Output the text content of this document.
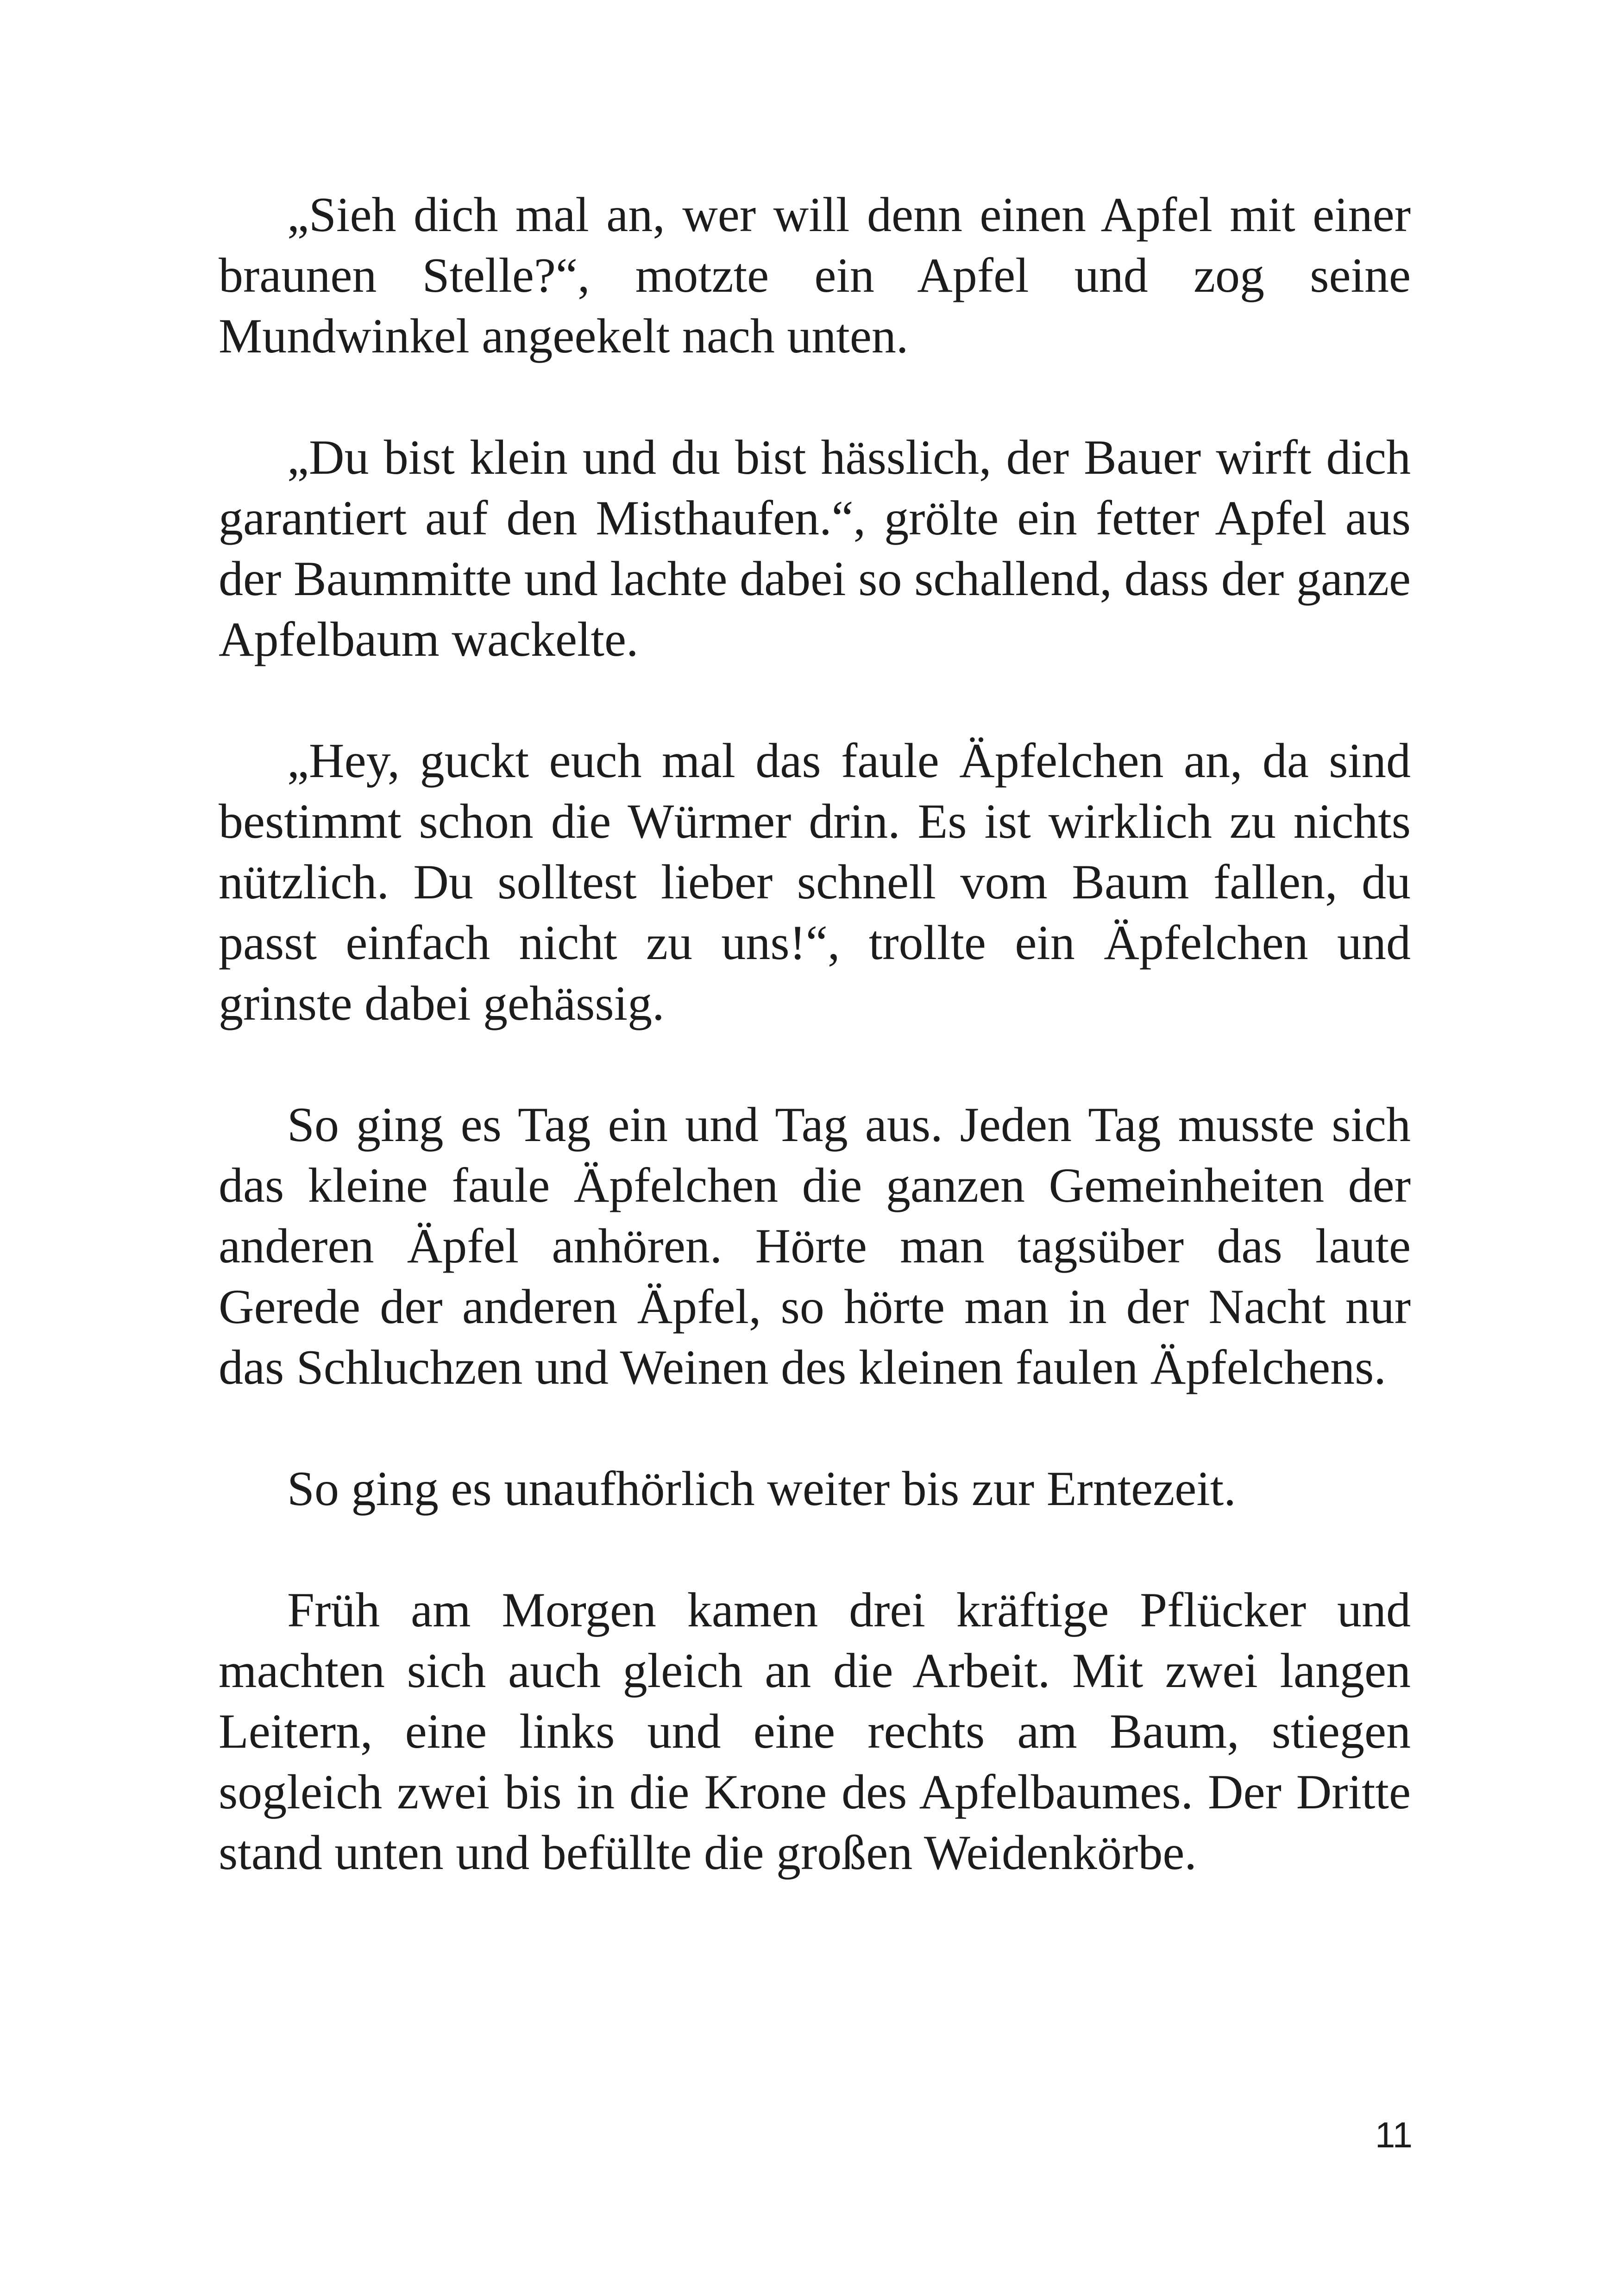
„Sieh dich mal an, wer will denn einen Apfel mit einer braunen Stelle?“, motzte ein Apfel und zog seine Mundwinkel angeekelt nach unten.

„Du bist klein und du bist hässlich, der Bauer wirft dich garantiert auf den Misthaufen.“, grölte ein fetter Apfel aus der Baummitte und lachte dabei so schallend, dass der ganze Apfelbaum wackelte.

„Hey, guckt euch mal das faule Äpfelchen an, da sind bestimmt schon die Würmer drin. Es ist wirklich zu nichts nützlich. Du solltest lieber schnell vom Baum fallen, du passt einfach nicht zu uns!“, trollte ein Äpfelchen und grinste dabei gehässig.

So ging es Tag ein und Tag aus. Jeden Tag musste sich das kleine faule Äpfelchen die ganzen Gemeinheiten der anderen Äpfel anhören. Hörte man tagsüber das laute Gerede der anderen Äpfel, so hörte man in der Nacht nur das Schluchzen und Weinen des kleinen faulen Äpfelchens.

So ging es unaufhörlich weiter bis zur Erntezeit.

Früh am Morgen kamen drei kräftige Pflücker und machten sich auch gleich an die Arbeit. Mit zwei langen Leitern, eine links und eine rechts am Baum, stiegen sogleich zwei bis in die Krone des Apfelbaumes. Der Dritte stand unten und befüllte die großen Weidenkörbe.

11
